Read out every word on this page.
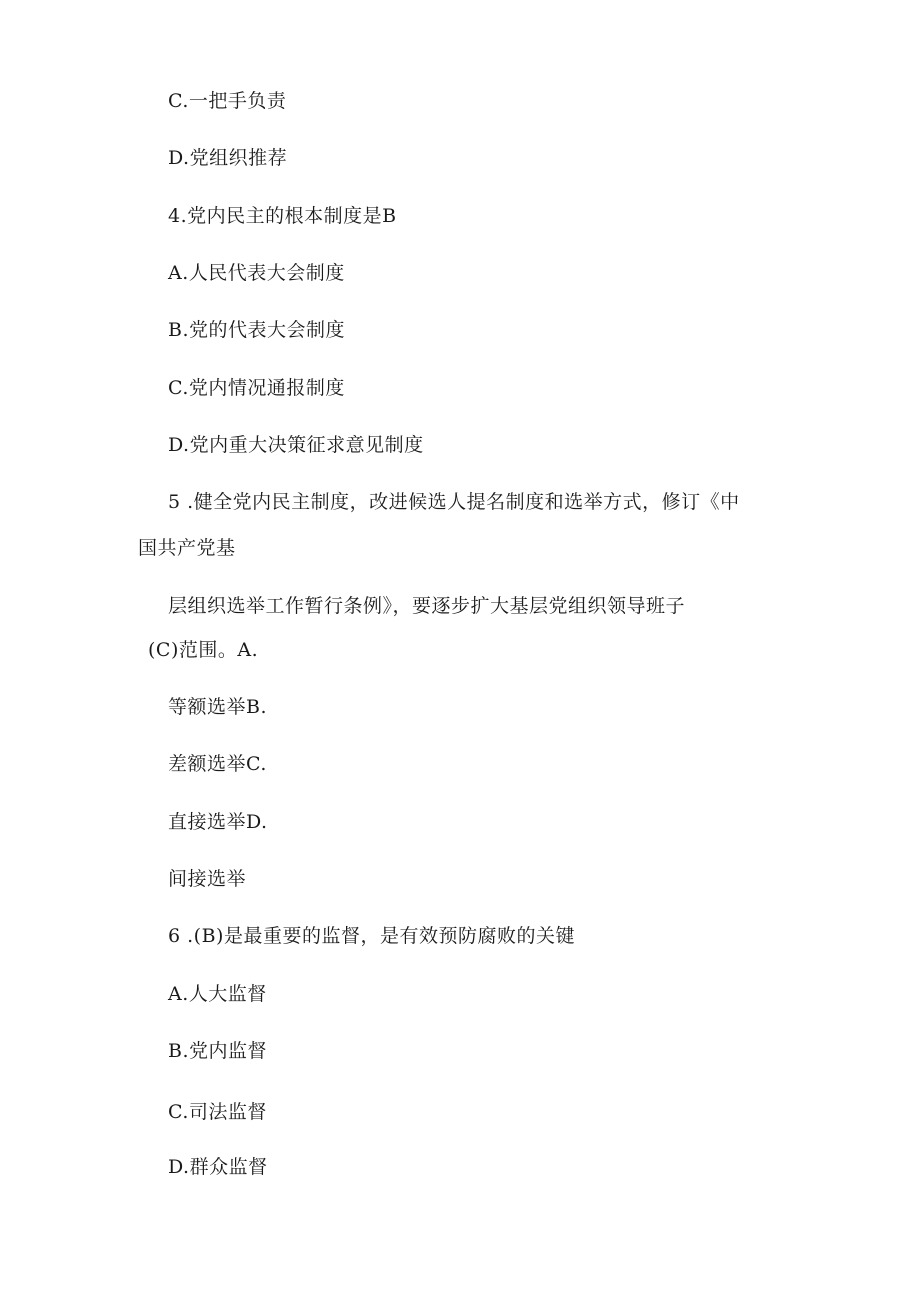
C.一把手负责
D.党组织推荐
4.党内民主的根本制度是B
A.人民代表大会制度
B.党的代表大会制度
C.党内情况通报制度
D.党内重大决策征求意见制度
5 .健全党内民主制度，改进候选人提名制度和选举方式，修订《中
国共产党基
层组织选举工作暂行条例》，要逐步扩大基层党组织领导班子
(C)范围。A.
等额选举B.
差额选举C.
直接选举D.
间接选举
6 .(B)是最重要的监督，是有效预防腐败的关键
A.人大监督
B.党内监督
C.司法监督
D.群众监督
